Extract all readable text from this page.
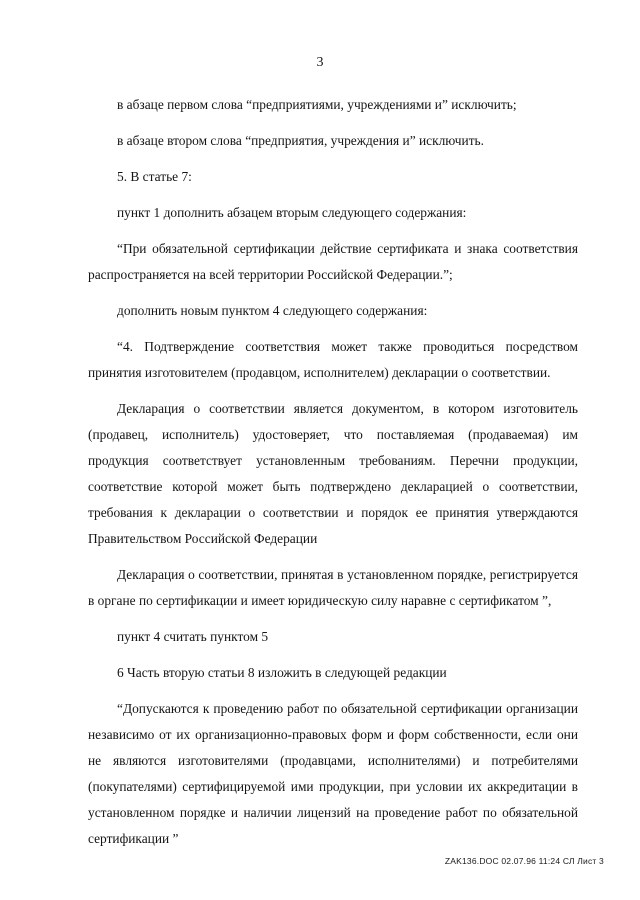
3

в абзаце первом слова “предприятиями, учреждениями и” исключить;

в абзаце втором слова “предприятия, учреждения и” исключить.

5. В статье 7:

пункт 1 дополнить абзацем вторым следующего содержания:

“При обязательной сертификации действие сертификата и знака соответствия распространяется на всей территории Российской Федерации.”;

дополнить новым пунктом 4 следующего содержания:

“4. Подтверждение соответствия может также проводиться посредством принятия изготовителем (продавцом, исполнителем) декларации о соответствии.

Декларация о соответствии является документом, в котором изготовитель (продавец, исполнитель) удостоверяет, что поставляемая (продаваемая) им продукция соответствует установленным требованиям. Перечни продукции, соответствие которой может быть подтверждено декларацией о соответствии, требования к декларации о соответствии и порядок ее принятия утверждаются Правительством Российской Федерации

Декларация о соответствии, принятая в установленном порядке, регистрируется в органе по сертификации и имеет юридическую силу наравне с сертификатом ”,

пункт 4 считать пунктом 5

6 Часть вторую статьи 8 изложить в следующей редакции

“Допускаются к проведению работ по обязательной сертификации организации независимо от их организационно-правовых форм и форм собственности, если они не являются изготовителями (продавцами, исполнителями) и потребителями (покупателями) сертифицируемой ими продукции, при условии их аккредитации в установленном порядке и наличии лицензий на проведение работ по обязательной сертификации ”

ZAK136.DOC 02.07.96 11:24 СЛ Лист 3
